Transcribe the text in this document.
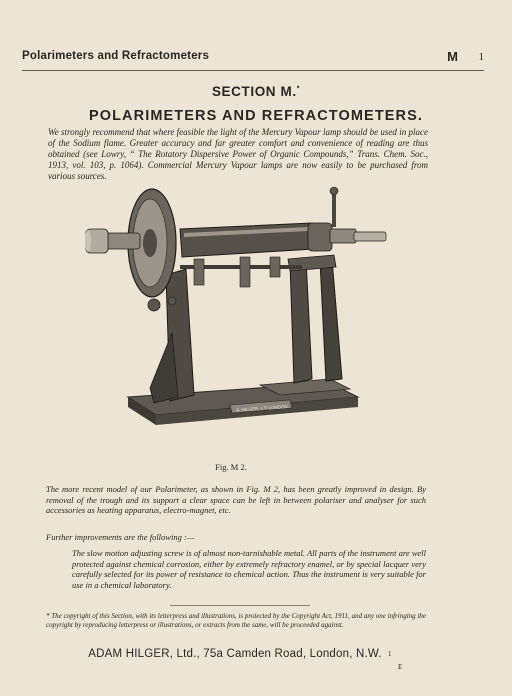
Polarimeters and Refractometers	M 1
SECTION M.*
POLARIMETERS AND REFRACTOMETERS.
We strongly recommend that where feasible the light of the Mercury Vapour lamp should be used in place of the Sodium flame. Greater accuracy and far greater comfort and convenience of reading are thus obtained (see Lowry, “ The Rotatory Dispersive Power of Organic Compounds,” Trans. Chem. Soc., 1913, vol. 103, p. 1064). Commercial Mercury Vapour lamps are now easily to be purchased from various sources.
A. HILGER, Lᵀᴰ LONDON.
Fig. M 2.
The more recent model of our Polarimeter, as shown in Fig. M 2, has been greatly improved in design. By removal of the trough and its support a clear space can be left in between polariser and analyser for such accessories as heating apparatus, electro-magnet, etc.
Further improvements are the following :—
The slow motion adjusting screw is of almost non-tarnishable metal. All parts of the instrument are well protected against chemical corrosion, either by extremely refractory enamel, or by special lacquer very carefully selected for its power of resistance to chemical action. Thus the instrument is very suitable for use in a chemical laboratory.
* The copyright of this Section, with its letterpress and illustrations, is protected by the Copyright Act, 1911, and any one infringing the copyright by reproducing letterpress or illustrations, or extracts from the same, will be proceeded against.
ADAM HILGER, Ltd., 75a Camden Road, London, N.W. 1
E
